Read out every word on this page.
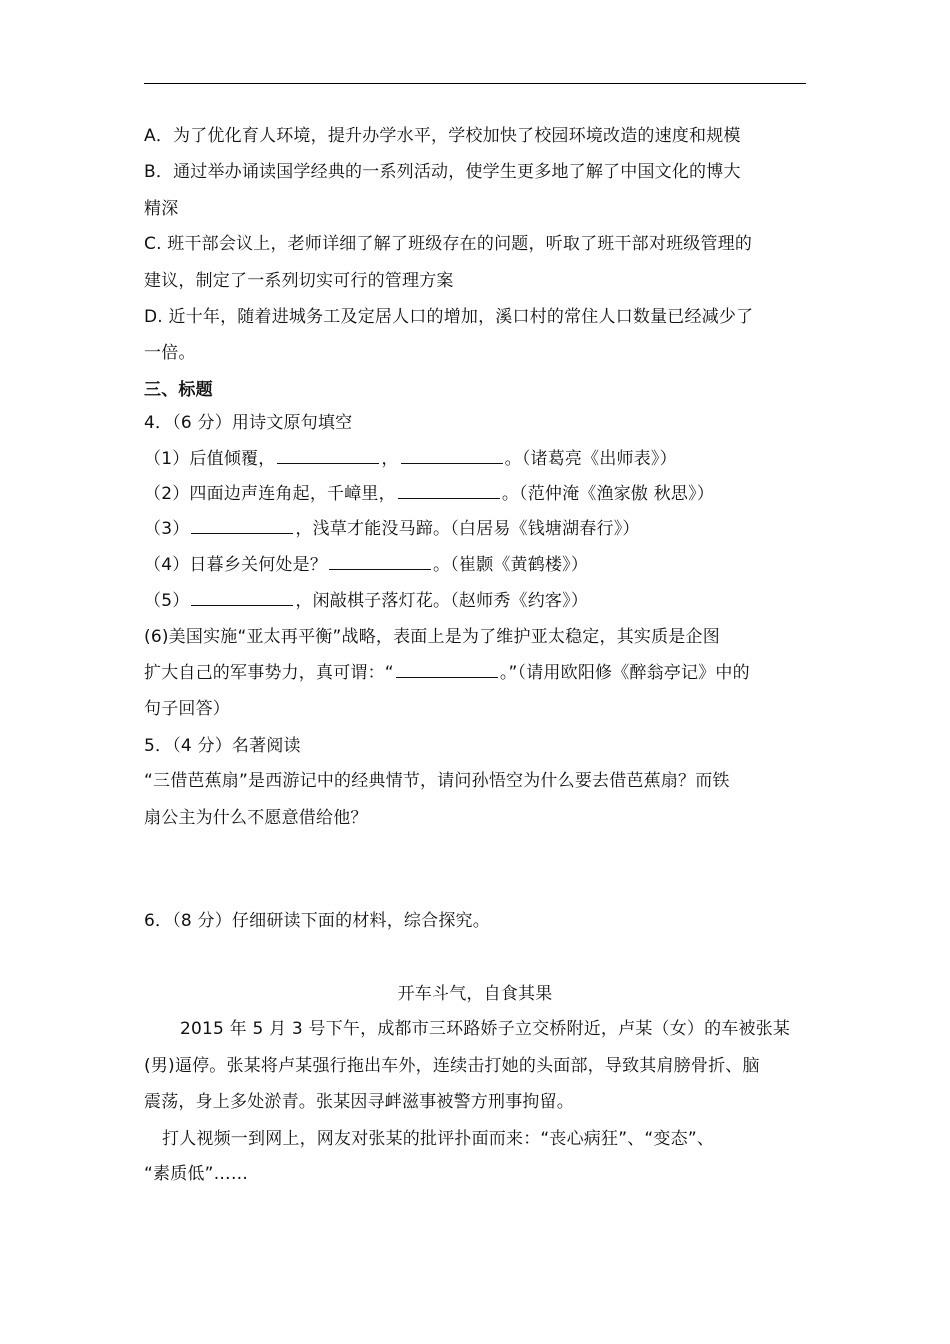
A．为了优化育人环境，提升办学水平，学校加快了校园环境改造的速度和规模
B．通过举办诵读国学经典的一系列活动，使学生更多地了解了中国文化的博大
精深
C. 班干部会议上，老师详细了解了班级存在的问题，听取了班干部对班级管理的
建议，制定了一系列切实可行的管理方案
D. 近十年，随着进城务工及定居人口的增加，溪口村的常住人口数量已经减少了
一倍。
三、标题
4．（6 分）用诗文原句填空
（1）后值倾覆，	，	。（诸葛亮《出师表》）
（2）四面边声连角起，千嶂里，	。（范仲淹《渔家傲 秋思》）
（3）	，浅草才能没马蹄。（白居易《钱塘湖春行》）
（4）日暮乡关何处是？	。（崔颢《黄鹤楼》）
（5）	，闲敲棋子落灯花。（赵师秀《约客》）
(6)美国实施“亚太再平衡”战略，表面上是为了维护亚太稳定，其实质是企图
扩大自己的军事势力，真可谓：“	。”（请用欧阳修《醉翁亭记》中的
句子回答）
5．（4 分）名著阅读
“三借芭蕉扇”是西游记中的经典情节，请问孙悟空为什么要去借芭蕉扇？而铁
扇公主为什么不愿意借给他？
6．（8 分）仔细研读下面的材料，综合探究。
开车斗气，自食其果
2015 年 5 月 3 号下午，成都市三环路娇子立交桥附近，卢某（女）的车被张某
(男)逼停。张某将卢某强行拖出车外，连续击打她的头面部，导致其肩膀骨折、脑
震荡，身上多处淤青。张某因寻衅滋事被警方刑事拘留。
打人视频一到网上，网友对张某的批评扑面而来：“丧心病狂”、“变态”、
“素质低”……
